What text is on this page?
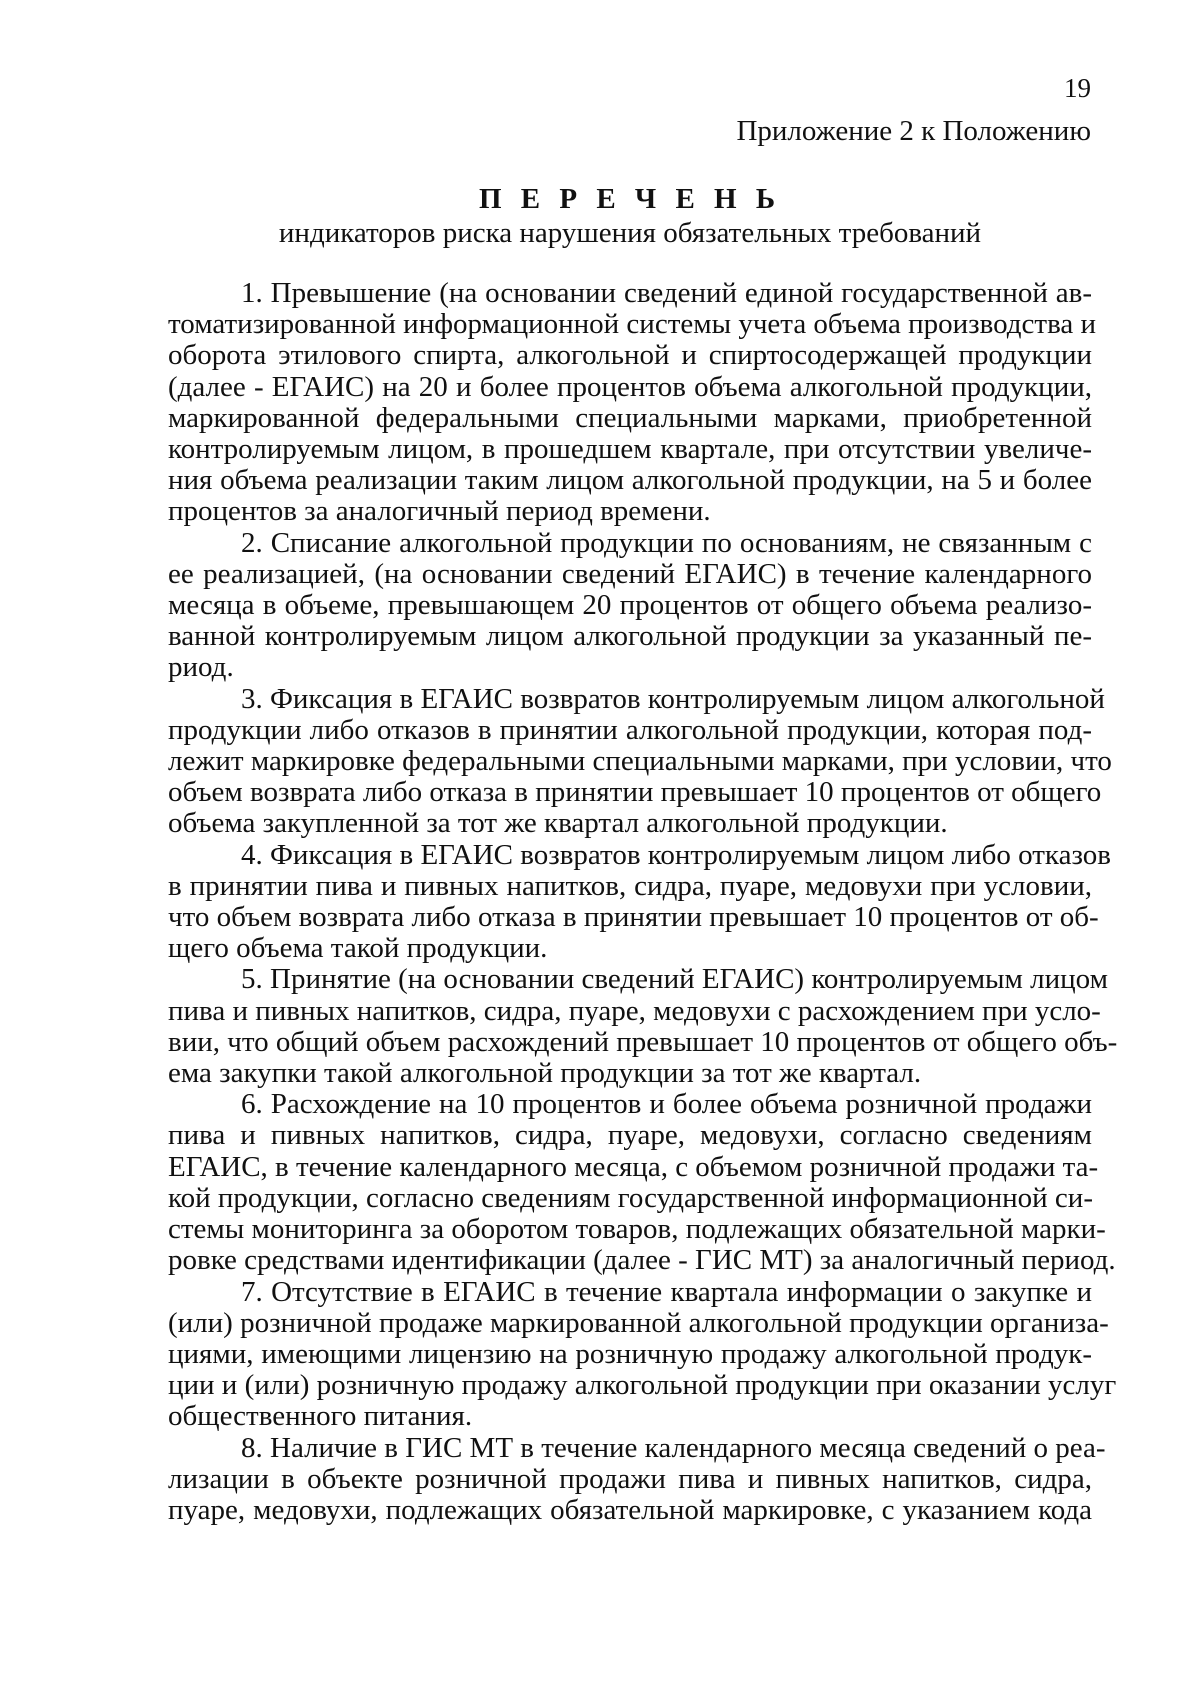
19
Приложение 2 к Положению
П Е Р Е Ч Е Н Ь
индикаторов риска нарушения обязательных требований
1. Превышение (на основании сведений единой государственной ав-
томатизированной информационной системы учета объема производства и
оборота этилового спирта, алкогольной и спиртосодержащей продукции
(далее - ЕГАИС) на 20 и более процентов объема алкогольной продукции,
маркированной федеральными специальными марками, приобретенной
контролируемым лицом, в прошедшем квартале, при отсутствии увеличе-
ния объема реализации таким лицом алкогольной продукции, на 5 и более
процентов за аналогичный период времени.
2. Списание алкогольной продукции по основаниям, не связанным с
ее реализацией, (на основании сведений ЕГАИС) в течение календарного
месяца в объеме, превышающем 20 процентов от общего объема реализо-
ванной контролируемым лицом алкогольной продукции за указанный пе-
риод.
3. Фиксация в ЕГАИС возвратов контролируемым лицом алкогольной
продукции либо отказов в принятии алкогольной продукции, которая под-
лежит маркировке федеральными специальными марками, при условии, что
объем возврата либо отказа в принятии превышает 10 процентов от общего
объема закупленной за тот же квартал алкогольной продукции.
4. Фиксация в ЕГАИС возвратов контролируемым лицом либо отказов
в принятии пива и пивных напитков, сидра, пуаре, медовухи при условии,
что объем возврата либо отказа в принятии превышает 10 процентов от об-
щего объема такой продукции.
5. Принятие (на основании сведений ЕГАИС) контролируемым лицом
пива и пивных напитков, сидра, пуаре, медовухи с расхождением при усло-
вии, что общий объем расхождений превышает 10 процентов от общего объ-
ема закупки такой алкогольной продукции за тот же квартал.
6. Расхождение на 10 процентов и более объема розничной продажи
пива и пивных напитков, сидра, пуаре, медовухи, согласно сведениям
ЕГАИС, в течение календарного месяца, с объемом розничной продажи та-
кой продукции, согласно сведениям государственной информационной си-
стемы мониторинга за оборотом товаров, подлежащих обязательной марки-
ровке средствами идентификации (далее - ГИС МТ) за аналогичный период.
7. Отсутствие в ЕГАИС в течение квартала информации о закупке и
(или) розничной продаже маркированной алкогольной продукции организа-
циями, имеющими лицензию на розничную продажу алкогольной продук-
ции и (или) розничную продажу алкогольной продукции при оказании услуг
общественного питания.
8. Наличие в ГИС МТ в течение календарного месяца сведений о реа-
лизации в объекте розничной продажи пива и пивных напитков, сидра,
пуаре, медовухи, подлежащих обязательной маркировке, с указанием кода
